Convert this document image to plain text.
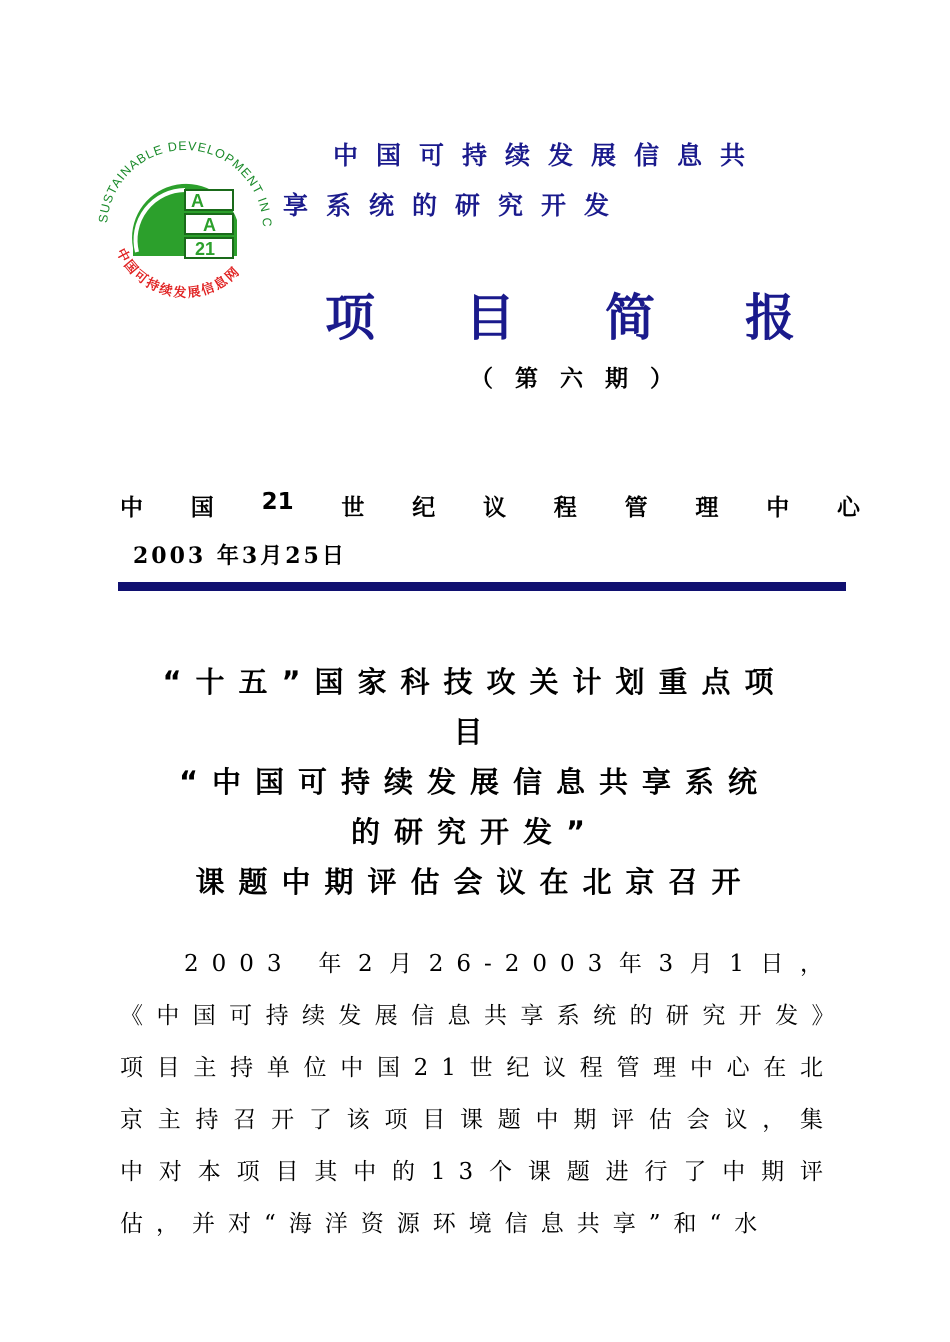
SUSTAINABLE DEVELOPMENT IN C
中国可持续发展信息网
A
A
21
中国可持续发展信息共
享系统的研究开发
项 目 简 报
（第六期）
中 国 21 世 纪 议 程 管 理 中 心
2003 年3月25日
“十五”国家科技攻关计划重点项
目
“中国可持续发展信息共享系统
的研究开发”
课题中期评估会议在北京召开
2003 年2月26-2003年3月1日，《中国可持续发展信息共享系统的研究开发》项目主持单位中国21世纪议程管理中心在北京主持召开了该项目课题中期评估会议，集中对本项目其中的13个课题进行了中期评估，并对“海洋资源环境信息共享”和“水
